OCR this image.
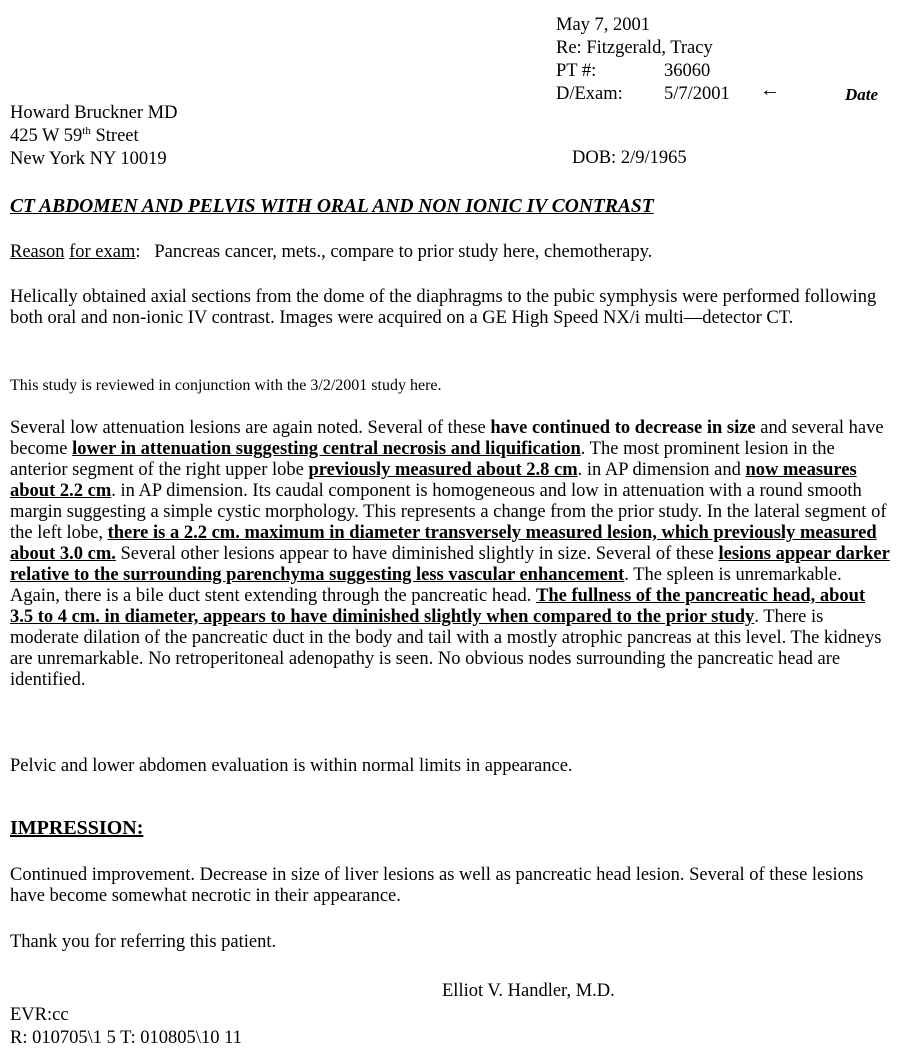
May 7, 2001
Re: Fitzgerald, Tracy
PT #:	36060
D/Exam: 5/7/2001 ←	Date
Howard Bruckner MD
425 W 59th Street
New York NY 10019	DOB: 2/9/1965
CT ABDOMEN AND PELVIS WITH ORAL AND NON IONIC IV CONTRAST

Reason for exam: Pancreas cancer, mets., compare to prior study here, chemotherapy.

Helically obtained axial sections from the dome of the diaphragms to the pubic symphysis were performed following both oral and non-ionic IV contrast. Images were acquired on a GE High Speed NX/i multi—detector CT.

This study is reviewed in conjunction with the 3/2/2001 study here.

Several low attenuation lesions are again noted. Several of these have continued to decrease in size and several have become lower in attenuation suggesting central necrosis and liquification. The most prominent lesion in the anterior segment of the right upper lobe previously measured about 2.8 cm. in AP dimension and now measures about 2.2 cm. in AP dimension. Its caudal component is homogeneous and low in attenuation with a round smooth margin suggesting a simple cystic morphology. This represents a change from the prior study. In the lateral segment of the left lobe, there is a 2.2 cm. maximum in diameter transversely measured lesion, which previously measured about 3.0 cm. Several other lesions appear to have diminished slightly in size. Several of these lesions appear darker relative to the surrounding parenchyma suggesting less vascular enhancement. The spleen is unremarkable. Again, there is a bile duct stent extending through the pancreatic head. The fullness of the pancreatic head, about 3.5 to 4 cm. in diameter, appears to have diminished slightly when compared to the prior study. There is moderate dilation of the pancreatic duct in the body and tail with a mostly atrophic pancreas at this level. The kidneys are unremarkable. No retroperitoneal adenopathy is seen. No obvious nodes surrounding the pancreatic head are identified.

Pelvic and lower abdomen evaluation is within normal limits in appearance.

IMPRESSION:

Continued improvement. Decrease in size of liver lesions as well as pancreatic head lesion. Several of these lesions have become somewhat necrotic in their appearance.

Thank you for referring this patient.

Elliot V. Handler, M.D.
EVR:cc
R: 010705\1 5 T: 010805\10 11
